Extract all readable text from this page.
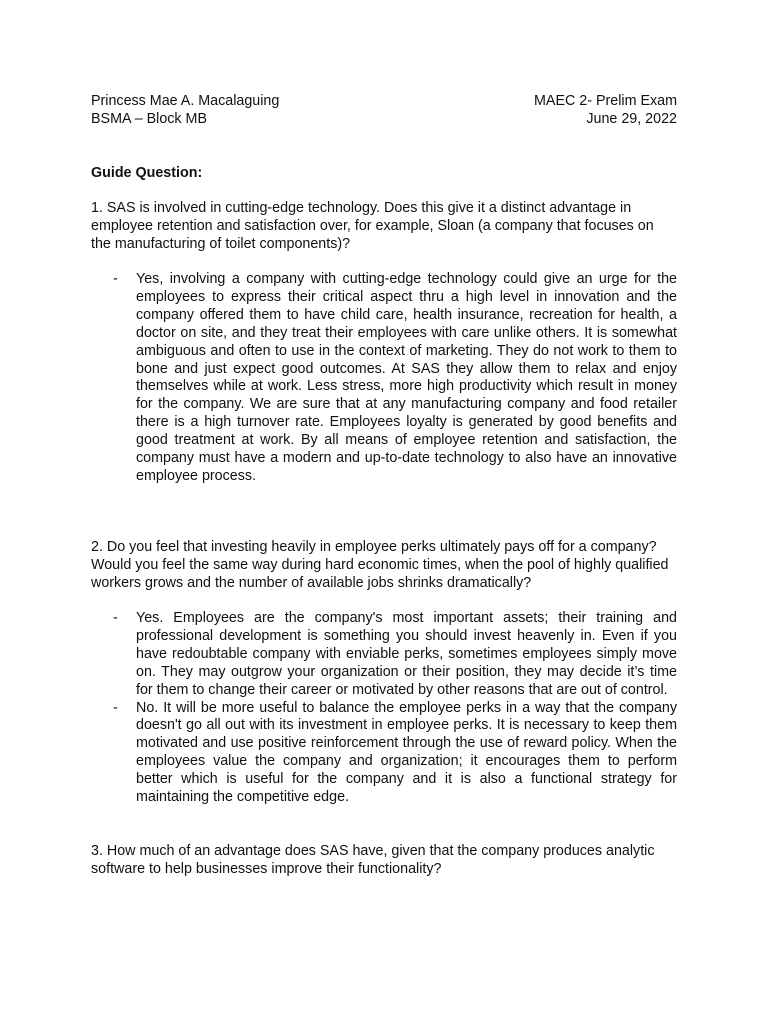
Princess Mae A. Macalaguing	MAEC 2- Prelim Exam
BSMA – Block MB	June 29, 2022
Guide Question:
1. SAS is involved in cutting-edge technology. Does this give it a distinct advantage in employee retention and satisfaction over, for example, Sloan (a company that focuses on the manufacturing of toilet components)?
- Yes, involving a company with cutting-edge technology could give an urge for the employees to express their critical aspect thru a high level in innovation and the company offered them to have child care, health insurance, recreation for health, a doctor on site, and they treat their employees with care unlike others. It is somewhat ambiguous and often to use in the context of marketing. They do not work to them to bone and just expect good outcomes. At SAS they allow them to relax and enjoy themselves while at work. Less stress, more high productivity which result in money for the company. We are sure that at any manufacturing company and food retailer there is a high turnover rate. Employees loyalty is generated by good benefits and good treatment at work. By all means of employee retention and satisfaction, the company must have a modern and up-to-date technology to also have an innovative employee process.
2. Do you feel that investing heavily in employee perks ultimately pays off for a company? Would you feel the same way during hard economic times, when the pool of highly qualified workers grows and the number of available jobs shrinks dramatically?
- Yes. Employees are the company's most important assets; their training and professional development is something you should invest heavenly in. Even if you have redoubtable company with enviable perks, sometimes employees simply move on. They may outgrow your organization or their position, they may decide it’s time for them to change their career or motivated by other reasons that are out of control.
- No. It will be more useful to balance the employee perks in a way that the company doesn't go all out with its investment in employee perks. It is necessary to keep them motivated and use positive reinforcement through the use of reward policy. When the employees value the company and organization; it encourages them to perform better which is useful for the company and it is also a functional strategy for maintaining the competitive edge.
3. How much of an advantage does SAS have, given that the company produces analytic software to help businesses improve their functionality?
